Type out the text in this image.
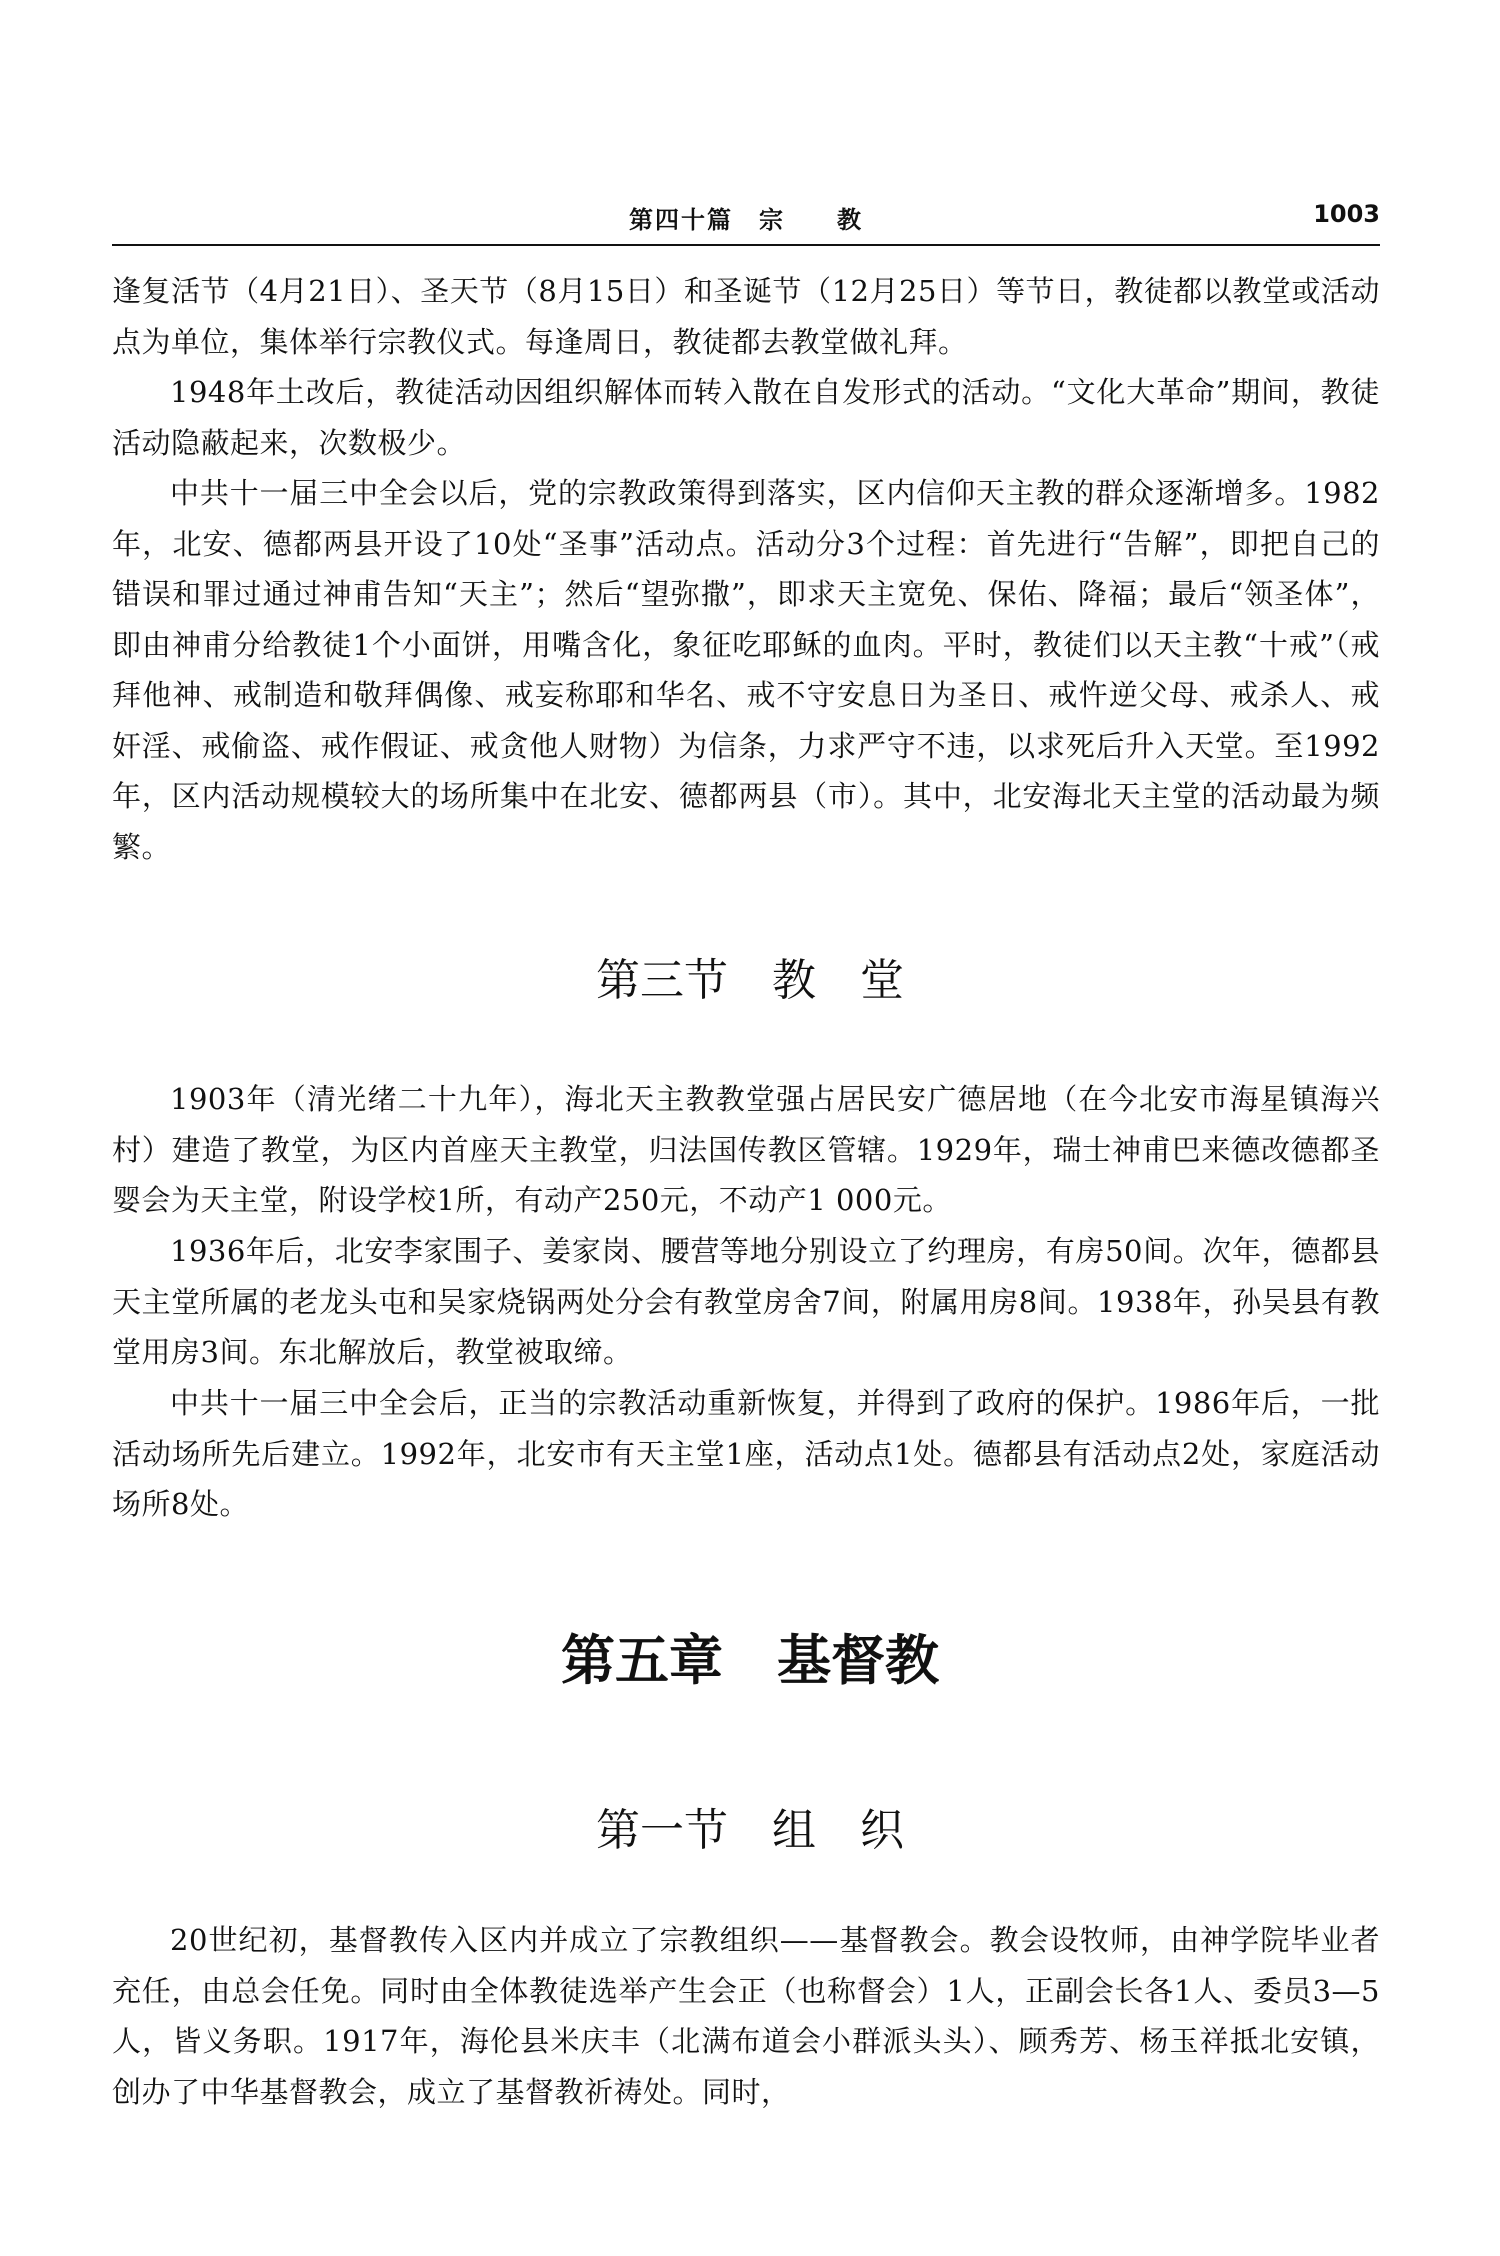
第四十篇　宗　　教	1003

逢复活节（4月21日）、圣天节（8月15日）和圣诞节（12月25日）等节日，教徒都以教堂或活动点为单位，集体举行宗教仪式。每逢周日，教徒都去教堂做礼拜。

1948年土改后，教徒活动因组织解体而转入散在自发形式的活动。“文化大革命”期间，教徒活动隐蔽起来，次数极少。

中共十一届三中全会以后，党的宗教政策得到落实，区内信仰天主教的群众逐渐增多。1982年，北安、德都两县开设了10处“圣事”活动点。活动分3个过程：首先进行“告解”，即把自己的错误和罪过通过神甫告知“天主”；然后“望弥撒”，即求天主宽免、保佑、降福；最后“领圣体”，即由神甫分给教徒1个小面饼，用嘴含化，象征吃耶稣的血肉。平时，教徒们以天主教“十戒”（戒拜他神、戒制造和敬拜偶像、戒妄称耶和华名、戒不守安息日为圣日、戒忤逆父母、戒杀人、戒奸淫、戒偷盗、戒作假证、戒贪他人财物）为信条，力求严守不违，以求死后升入天堂。至1992年，区内活动规模较大的场所集中在北安、德都两县（市）。其中，北安海北天主堂的活动最为频繁。

第三节　教　堂

1903年（清光绪二十九年），海北天主教教堂强占居民安广德居地（在今北安市海星镇海兴村）建造了教堂，为区内首座天主教堂，归法国传教区管辖。1929年，瑞士神甫巴来德改德都圣婴会为天主堂，附设学校1所，有动产250元，不动产1 000元。

1936年后，北安李家围子、姜家岗、腰营等地分别设立了约理房，有房50间。次年，德都县天主堂所属的老龙头屯和吴家烧锅两处分会有教堂房舍7间，附属用房8间。1938年，孙吴县有教堂用房3间。东北解放后，教堂被取缔。

中共十一届三中全会后，正当的宗教活动重新恢复，并得到了政府的保护。1986年后，一批活动场所先后建立。1992年，北安市有天主堂1座，活动点1处。德都县有活动点2处，家庭活动场所8处。

第五章　基督教
第一节　组　织

20世纪初，基督教传入区内并成立了宗教组织——基督教会。教会设牧师，由神学院毕业者充任，由总会任免。同时由全体教徒选举产生会正（也称督会）1人，正副会长各1人、委员3—5人，皆义务职。1917年，海伦县米庆丰（北满布道会小群派头头）、顾秀芳、杨玉祥抵北安镇，创办了中华基督教会，成立了基督教祈祷处。同时，
